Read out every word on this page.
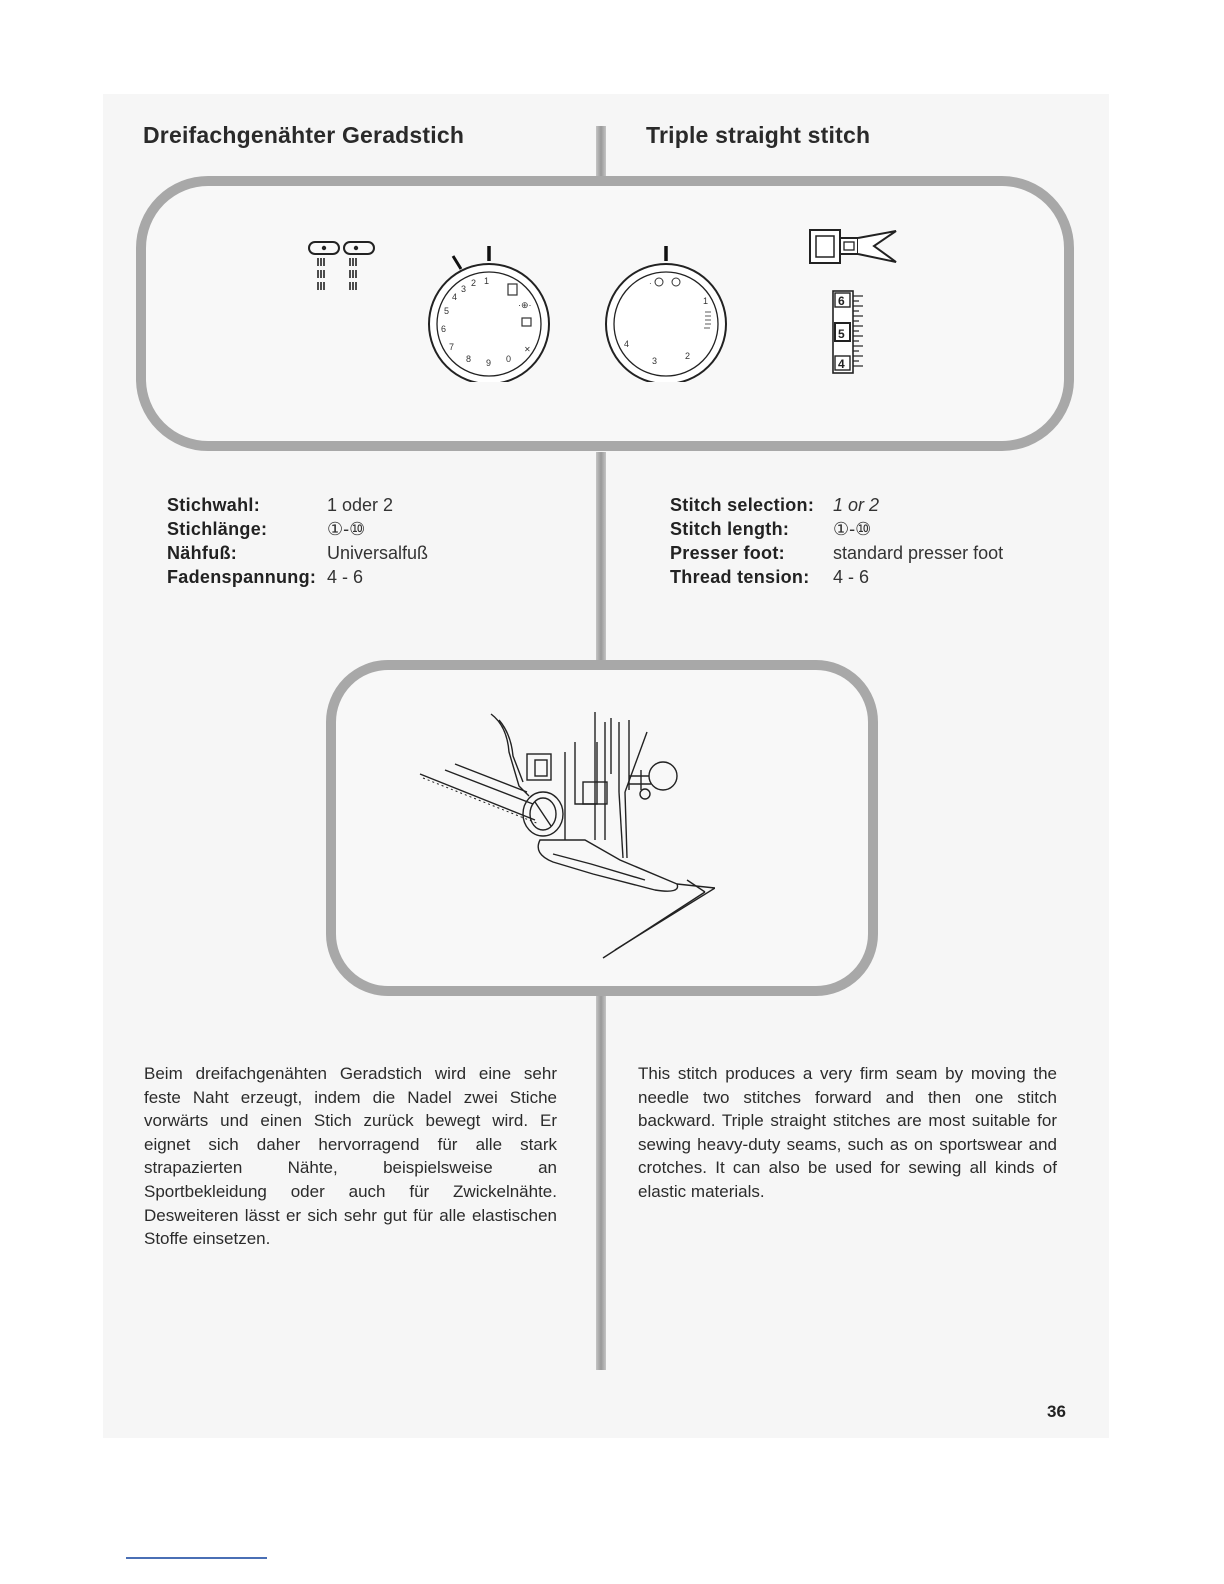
Dreifachgenähter Geradstich	Triple straight stitch
1
2
3
4
5
6
7
8 9 0
✕
·⊕·
·
1
2
3
4
6
5
4
Stichwahl:	1 oder 2
Stichlänge:	①-⑩
Nähfuß:	Universalfuß
Fadenspannung: 4 - 6
Stitch selection:	1 or 2
Stitch length:	①-⑩
Presser foot:	standard presser foot
Thread tension:	4 - 6

Beim dreifachgenähten Geradstich wird eine sehr feste Naht erzeugt, indem die Nadel zwei Stiche vorwärts und einen Stich zurück bewegt wird. Er eignet sich daher hervorragend für alle stark strapazierten Nähte, beispielsweise an Sportbekleidung oder auch für Zwickelnähte. Desweiteren lässt er sich sehr gut für alle elastischen Stoffe einsetzen.

This stitch produces a very firm seam by moving the needle two stitches forward and then one stitch backward. Triple straight stitches are most suitable for sewing heavy-duty seams, such as on sportswear and crotches. It can also be used for sewing all kinds of elastic materials.

36
